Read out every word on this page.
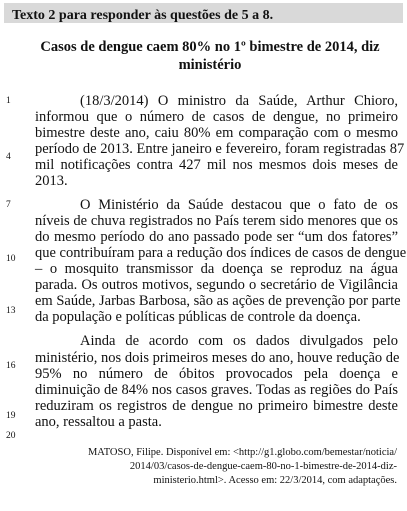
Texto 2 para responder às questões de 5 a 8.
Casos de dengue caem 80% no 1º bimestre de 2014, diz
ministério
1
4
7
10
13
16
19
20
(18/3/2014) O ministro da Saúde, Arthur Chioro,
informou que o número de casos de dengue, no primeiro
bimestre deste ano, caiu 80% em comparação com o mesmo
período de 2013. Entre janeiro e fevereiro, foram registradas 87
mil notificações contra 427 mil nos mesmos dois meses de
2013.
O Ministério da Saúde destacou que o fato de os
níveis de chuva registrados no País terem sido menores que os
do mesmo período do ano passado pode ser “um dos fatores”
que contribuíram para a redução dos índices de casos de dengue
– o mosquito transmissor da doença se reproduz na água
parada. Os outros motivos, segundo o secretário de Vigilância
em Saúde, Jarbas Barbosa, são as ações de prevenção por parte
da população e políticas públicas de controle da doença.
Ainda de acordo com os dados divulgados pelo
ministério, nos dois primeiros meses do ano, houve redução de
95% no número de óbitos provocados pela doença e
diminuição de 84% nos casos graves. Todas as regiões do País
reduziram os registros de dengue no primeiro bimestre deste
ano, ressaltou a pasta.
MATOSO, Filipe. Disponível em: <http://g1.globo.com/bemestar/noticia/
2014/03/casos-de-dengue-caem-80-no-1-bimestre-de-2014-diz-
ministerio.html>. Acesso em: 22/3/2014, com adaptações.
